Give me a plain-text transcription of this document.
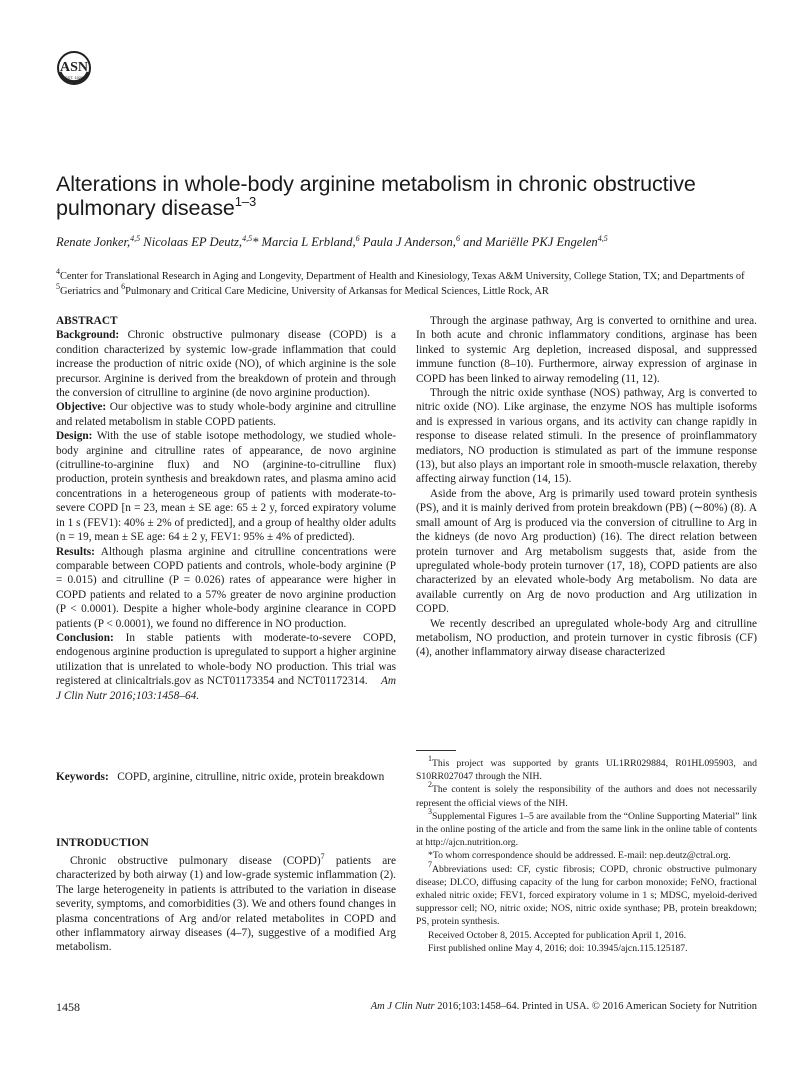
ASN
EST. 1928
Alterations in whole-body arginine metabolism in chronic obstructive pulmonary disease$^{1-3}$
Renate Jonker,$^{4,5}$ Nicolaas EP Deutz,$^{4,5}$* Marcia L Erbland,$^6$ Paula J Anderson,$^6$ and Mariëlle PKJ Engelen$^{4,5}$
$^4$Center for Translational Research in Aging and Longevity, Department of Health and Kinesiology, Texas A&M University, College Station, TX; and Departments of $^5$Geriatrics and $^6$Pulmonary and Critical Care Medicine, University of Arkansas for Medical Sciences, Little Rock, AR

ABSTRACT

Background: Chronic obstructive pulmonary disease (COPD) is a condition characterized by systemic low-grade inflammation that could increase the production of nitric oxide (NO), of which arginine is the sole precursor. Arginine is derived from the breakdown of protein and through the conversion of citrulline to arginine (de novo arginine production).

Objective: Our objective was to study whole-body arginine and citrulline and related metabolism in stable COPD patients.

Design: With the use of stable isotope methodology, we studied whole-body arginine and citrulline rates of appearance, de novo arginine (citrulline-to-arginine flux) and NO (arginine-to-citrulline flux) production, protein synthesis and breakdown rates, and plasma amino acid concentrations in a heterogeneous group of patients with moderate-to-severe COPD [n = 23, mean ± SE age: 65 ± 2 y, forced expiratory volume in 1 s (FEV1): 40% ± 2% of predicted], and a group of healthy older adults (n = 19, mean ± SE age: 64 ± 2 y, FEV1: 95% ± 4% of predicted).

Results: Although plasma arginine and citrulline concentrations were comparable between COPD patients and controls, whole-body arginine (P = 0.015) and citrulline (P = 0.026) rates of appearance were higher in COPD patients and related to a 57% greater de novo arginine production (P < 0.0001). Despite a higher whole-body arginine clearance in COPD patients (P < 0.0001), we found no difference in NO production.

Conclusion: In stable patients with moderate-to-severe COPD, endogenous arginine production is upregulated to support a higher arginine utilization that is unrelated to whole-body NO production. This trial was registered at clinicaltrials.gov as NCT01173354 and NCT01172314. Am J Clin Nutr 2016;103:1458–64.

Keywords: COPD, arginine, citrulline, nitric oxide, protein breakdown
INTRODUCTION

Chronic obstructive pulmonary disease (COPD)$^7$ patients are characterized by both airway (1) and low-grade systemic inflammation (2). The large heterogeneity in patients is attributed to the variation in disease severity, symptoms, and comorbidities (3). We and others found changes in plasma concentrations of Arg and/or related metabolites in COPD and other inflammatory airway diseases (4–7), suggestive of a modified Arg metabolism.

Through the arginase pathway, Arg is converted to ornithine and urea. In both acute and chronic inflammatory conditions, arginase has been linked to systemic Arg depletion, increased disposal, and suppressed immune function (8–10). Furthermore, airway expression of arginase in COPD has been linked to airway remodeling (11, 12).

Through the nitric oxide synthase (NOS) pathway, Arg is converted to nitric oxide (NO). Like arginase, the enzyme NOS has multiple isoforms and is expressed in various organs, and its activity can change rapidly in response to disease related stimuli. In the presence of proinflammatory mediators, NO production is stimulated as part of the immune response (13), but also plays an important role in smooth-muscle relaxation, thereby affecting airway function (14, 15).

Aside from the above, Arg is primarily used toward protein synthesis (PS), and it is mainly derived from protein breakdown (PB) (∼80%) (8). A small amount of Arg is produced via the conversion of citrulline to Arg in the kidneys (de novo Arg production) (16). The direct relation between protein turnover and Arg metabolism suggests that, aside from the upregulated whole-body protein turnover (17, 18), COPD patients are also characterized by an elevated whole-body Arg metabolism. No data are available currently on Arg de novo production and Arg utilization in COPD.

We recently described an upregulated whole-body Arg and citrulline metabolism, NO production, and protein turnover in cystic fibrosis (CF) (4), another inflammatory airway disease characterized

$^1$This project was supported by grants UL1RR029884, R01HL095903, and S10RR027047 through the NIH.

$^2$The content is solely the responsibility of the authors and does not necessarily represent the official views of the NIH.

$^3$Supplemental Figures 1–5 are available from the “Online Supporting Material” link in the online posting of the article and from the same link in the online table of contents at http://ajcn.nutrition.org.

*To whom correspondence should be addressed. E-mail: nep.deutz@ctral.org.

$^7$Abbreviations used: CF, cystic fibrosis; COPD, chronic obstructive pulmonary disease; DLCO, diffusing capacity of the lung for carbon monoxide; FeNO, fractional exhaled nitric oxide; FEV1, forced expiratory volume in 1 s; MDSC, myeloid-derived suppressor cell; NO, nitric oxide; NOS, nitric oxide synthase; PB, protein breakdown; PS, protein synthesis.

Received October 8, 2015. Accepted for publication April 1, 2016.

First published online May 4, 2016; doi: 10.3945/ajcn.115.125187.

1458	Am J Clin Nutr 2016;103:1458–64. Printed in USA. © 2016 American Society for Nutrition
